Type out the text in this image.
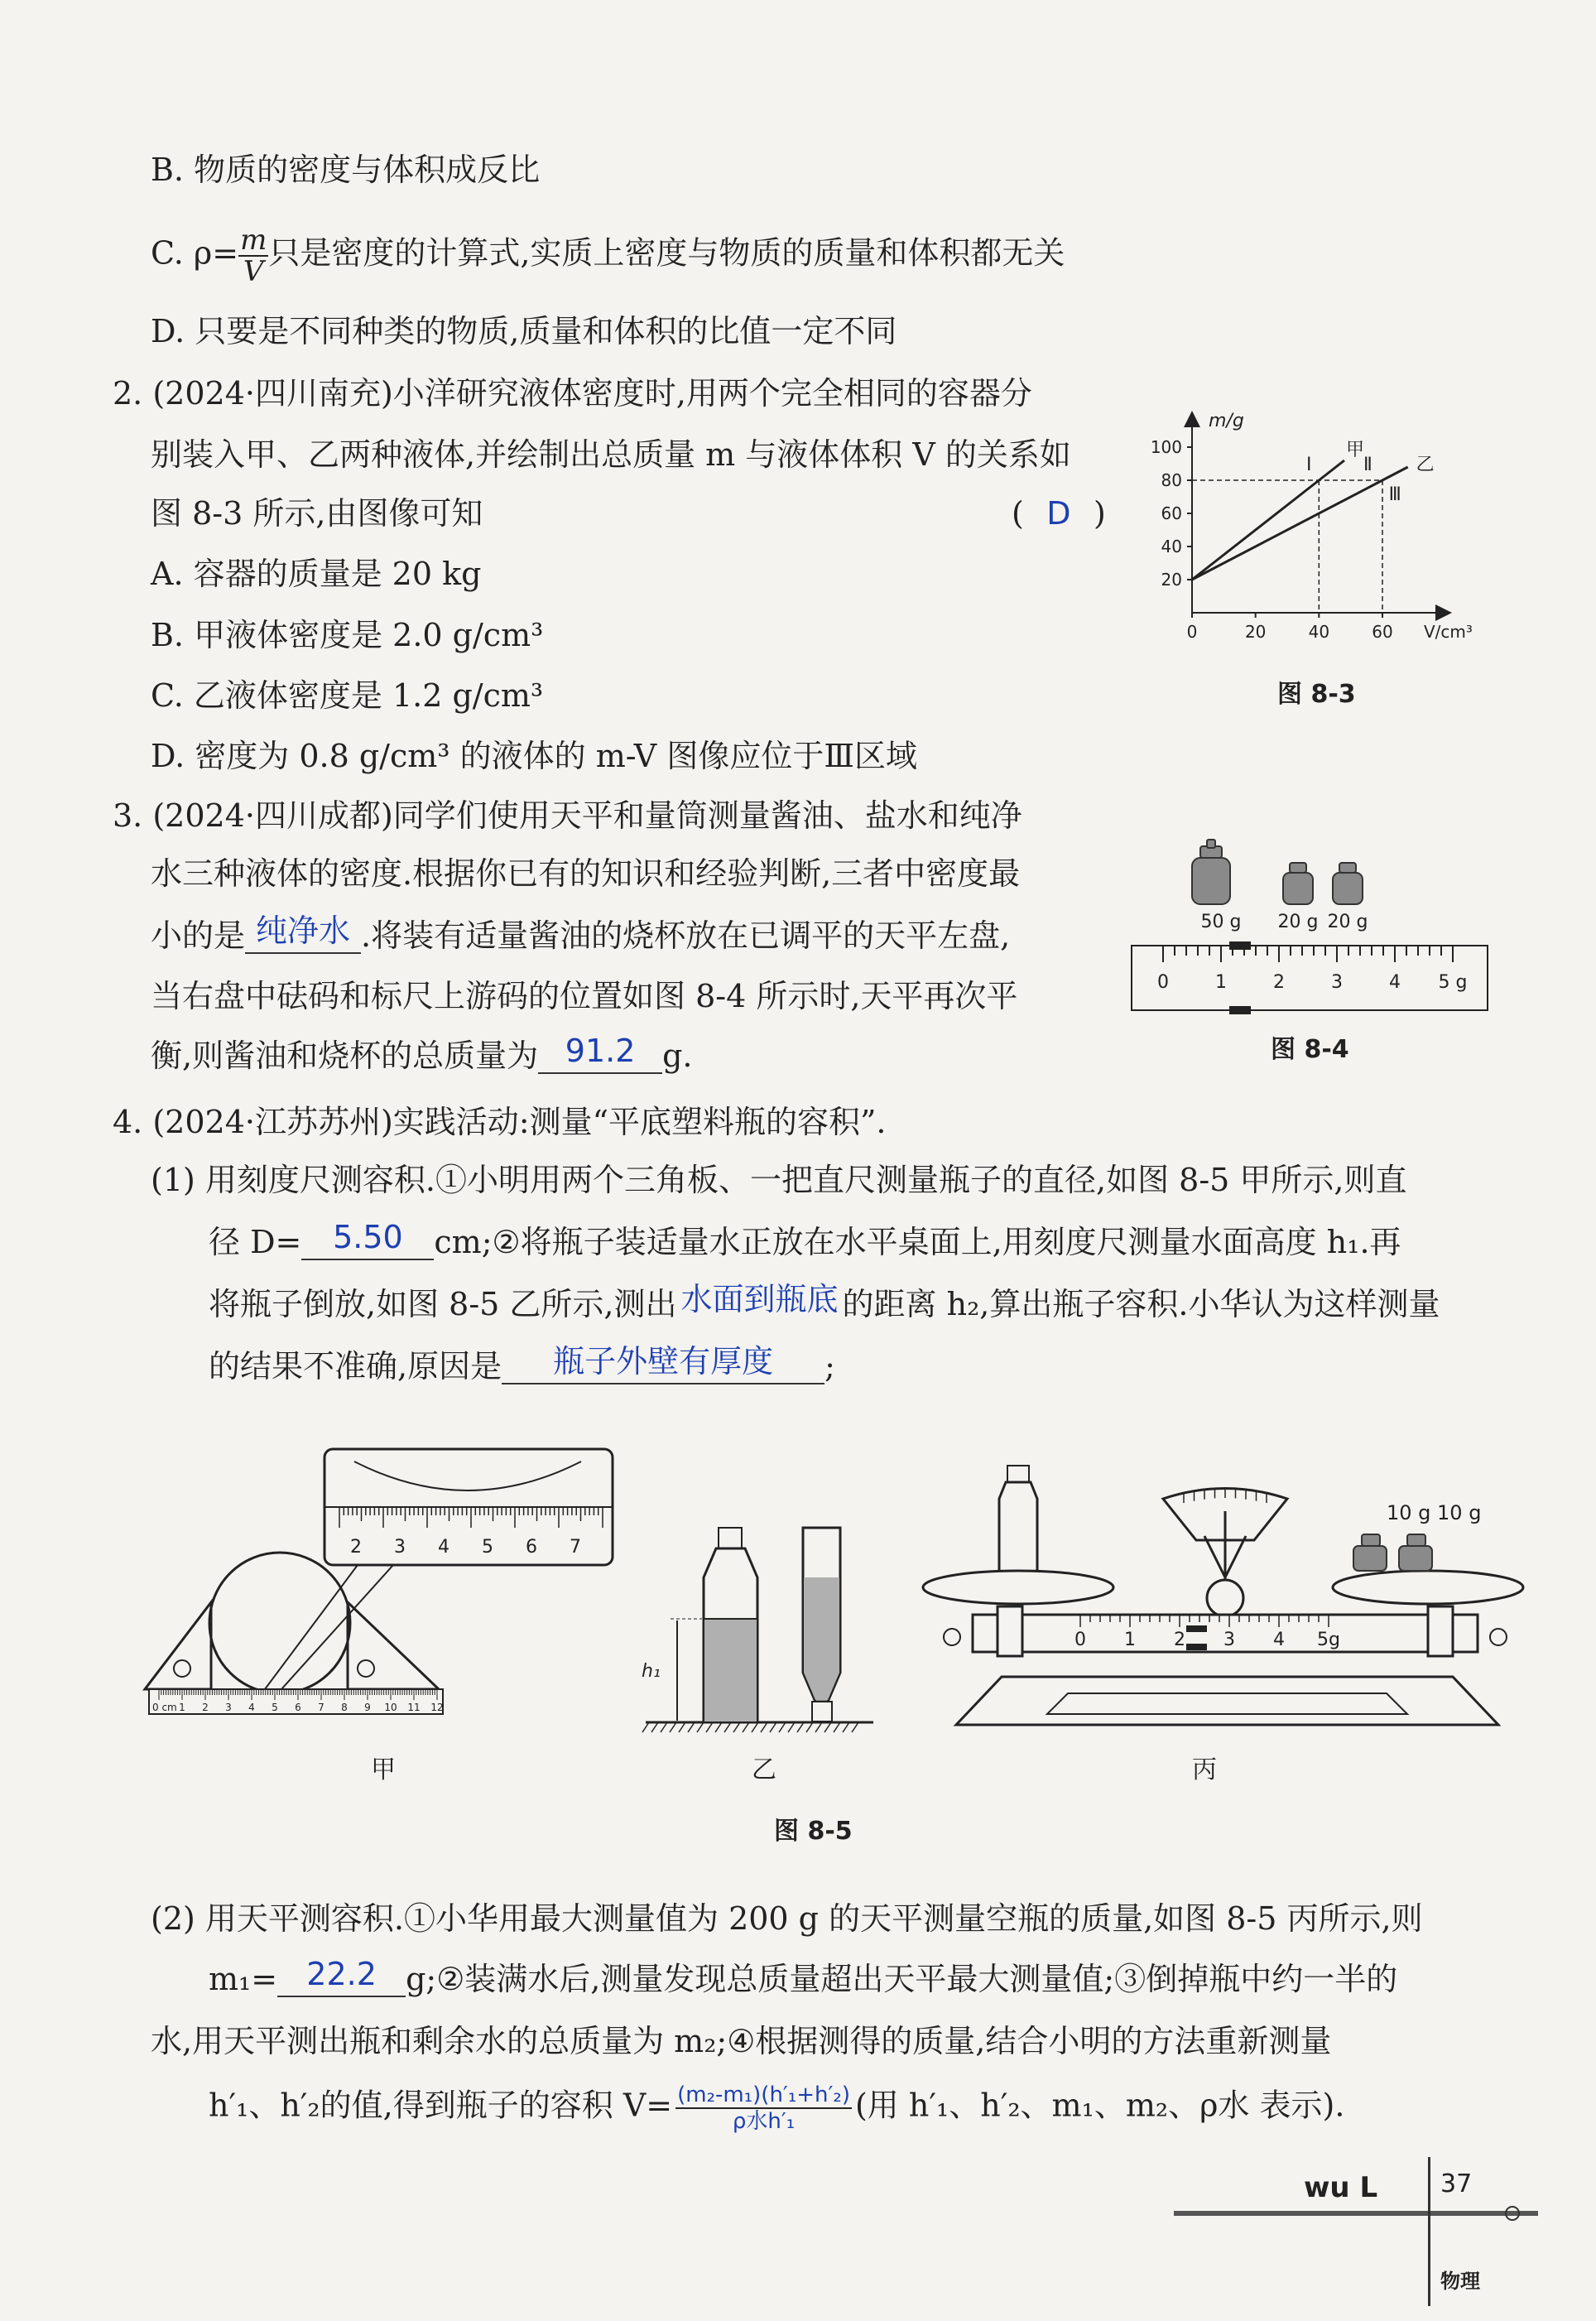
B. 物质的密度与体积成反比
C. $\rho= \frac{m}{V}$ 只是密度的计算式,实质上密度与物质的质量和体积都无关
D. 只要是不同种类的物质,质量和体积的比值一定不同
2. (2024·四川南充)小洋研究液体密度时,用两个完全相同的容器分
别装入甲、乙两种液体,并绘制出总质量 m 与液体体积 V 的关系如
图 8-3 所示,由图像可知	( D )
A. 容器的质量是 20 kg
B. 甲液体密度是 2.0 g/cm³
C. 乙液体密度是 1.2 g/cm³
D. 密度为 0.8 g/cm³ 的液体的 m-V 图像应位于Ⅲ区域
m/g
V/cm³
20
40
60
80
100
0	20	40	60
甲
乙
Ⅰ	Ⅱ
Ⅲ
图 8-3
3. (2024·四川成都)同学们使用天平和量筒测量酱油、盐水和纯净
水三种液体的密度.根据你已有的知识和经验判断,三者中密度最
小的是 纯净水 .将装有适量酱油的烧杯放在已调平的天平左盘,
当右盘中砝码和标尺上游码的位置如图 8-4 所示时,天平再次平
衡,则酱油和烧杯的总质量为 91.2 g.
50 g 20 g 20 g
0	1	2	3	4 5 g
图 8-4
4. (2024·江苏苏州)实践活动:测量“平底塑料瓶的容积”.
(1) 用刻度尺测容积.①小明用两个三角板、一把直尺测量瓶子的直径,如图 8-5 甲所示,则直
径 D= 5.50 cm;②将瓶子装适量水正放在水平桌面上,用刻度尺测量水面高度 h₁.再
将瓶子倒放,如图 8-5 乙所示,测出 水面到瓶底 的距离 h₂,算出瓶子容积.小华认为这样测量
的结果不准确,原因是 瓶子外壁有厚度 ;
2 3 4 5 6 7
0 cm 1 2 3 4 5 6 7 8 9 10 11 12
甲
h₁
乙
10 g 10 g
0 1 2 3 4 5g
丙
图 8-5
(2) 用天平测容积.①小华用最大测量值为 200 g 的天平测量空瓶的质量,如图 8-5 丙所示,则
m₁= 22.2 g;②装满水后,测量发现总质量超出天平最大测量值;③倒掉瓶中约一半的
水,用天平测出瓶和剩余水的总质量为 m₂;④根据测得的质量,结合小明的方法重新测量
h′₁、h′₂的值,得到瓶子的容积 $V= \frac{\text{(m₂-m₁)(h′₁+h′₂)}}{\text{ρ水h′₁}}$ (用 h′₁、h′₂、m₁、m₂、ρ水 表示).
wu L	37
物理
